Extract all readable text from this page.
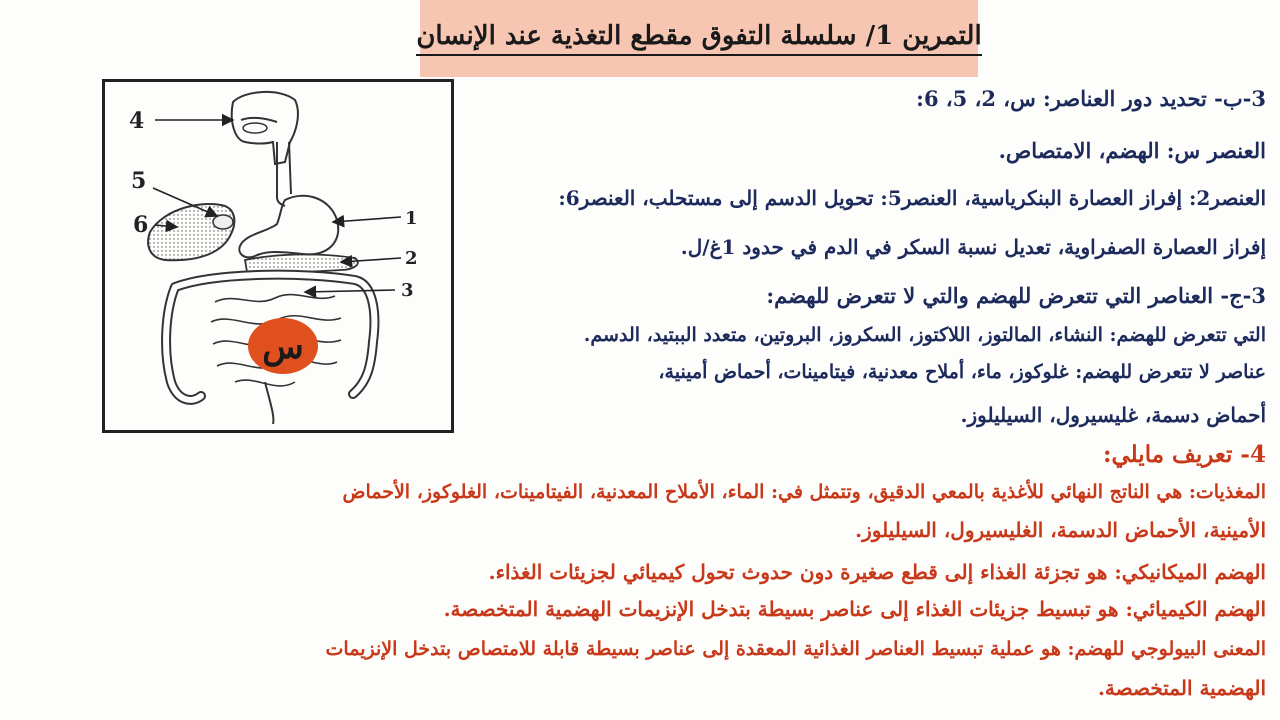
التمرين 1/ سلسلة التفوق مقطع التغذية عند الإنسان
4
5
6	1
2
3
س
3-ب- تحديد دور العناصر: س، 2، 5، 6:
العنصر س: الهضم، الامتصاص.
العنصر2: إفراز العصارة البنكرياسية، العنصر5: تحويل الدسم إلى مستحلب، العنصر6:
إفراز العصارة الصفراوية، تعديل نسبة السكر في الدم في حدود 1غ/ل.
3-ج- العناصر التي تتعرض للهضم والتي لا تتعرض للهضم:
التي تتعرض للهضم: النشاء، المالتوز، اللاكتوز، السكروز، البروتين، متعدد الببتيد، الدسم.
عناصر لا تتعرض للهضم: غلوكوز، ماء، أملاح معدنية، فيتامينات، أحماض أمينية،
أحماض دسمة، غليسيرول، السيليلوز.
4- تعريف مايلي:
المغذيات: هي الناتج النهائي للأغذية بالمعي الدقيق، وتتمثل في: الماء، الأملاح المعدنية، الفيتامينات، الغلوكوز، الأحماض
الأمينية، الأحماض الدسمة، الغليسيرول، السيليلوز.
الهضم الميكانيكي: هو تجزئة الغذاء إلى قطع صغيرة دون حدوث تحول كيميائي لجزيئات الغذاء.
الهضم الكيميائي: هو تبسيط جزيئات الغذاء إلى عناصر بسيطة بتدخل الإنزيمات الهضمية المتخصصة.
المعنى البيولوجي للهضم: هو عملية تبسيط العناصر الغذائية المعقدة إلى عناصر بسيطة قابلة للامتصاص بتدخل الإنزيمات
الهضمية المتخصصة.
